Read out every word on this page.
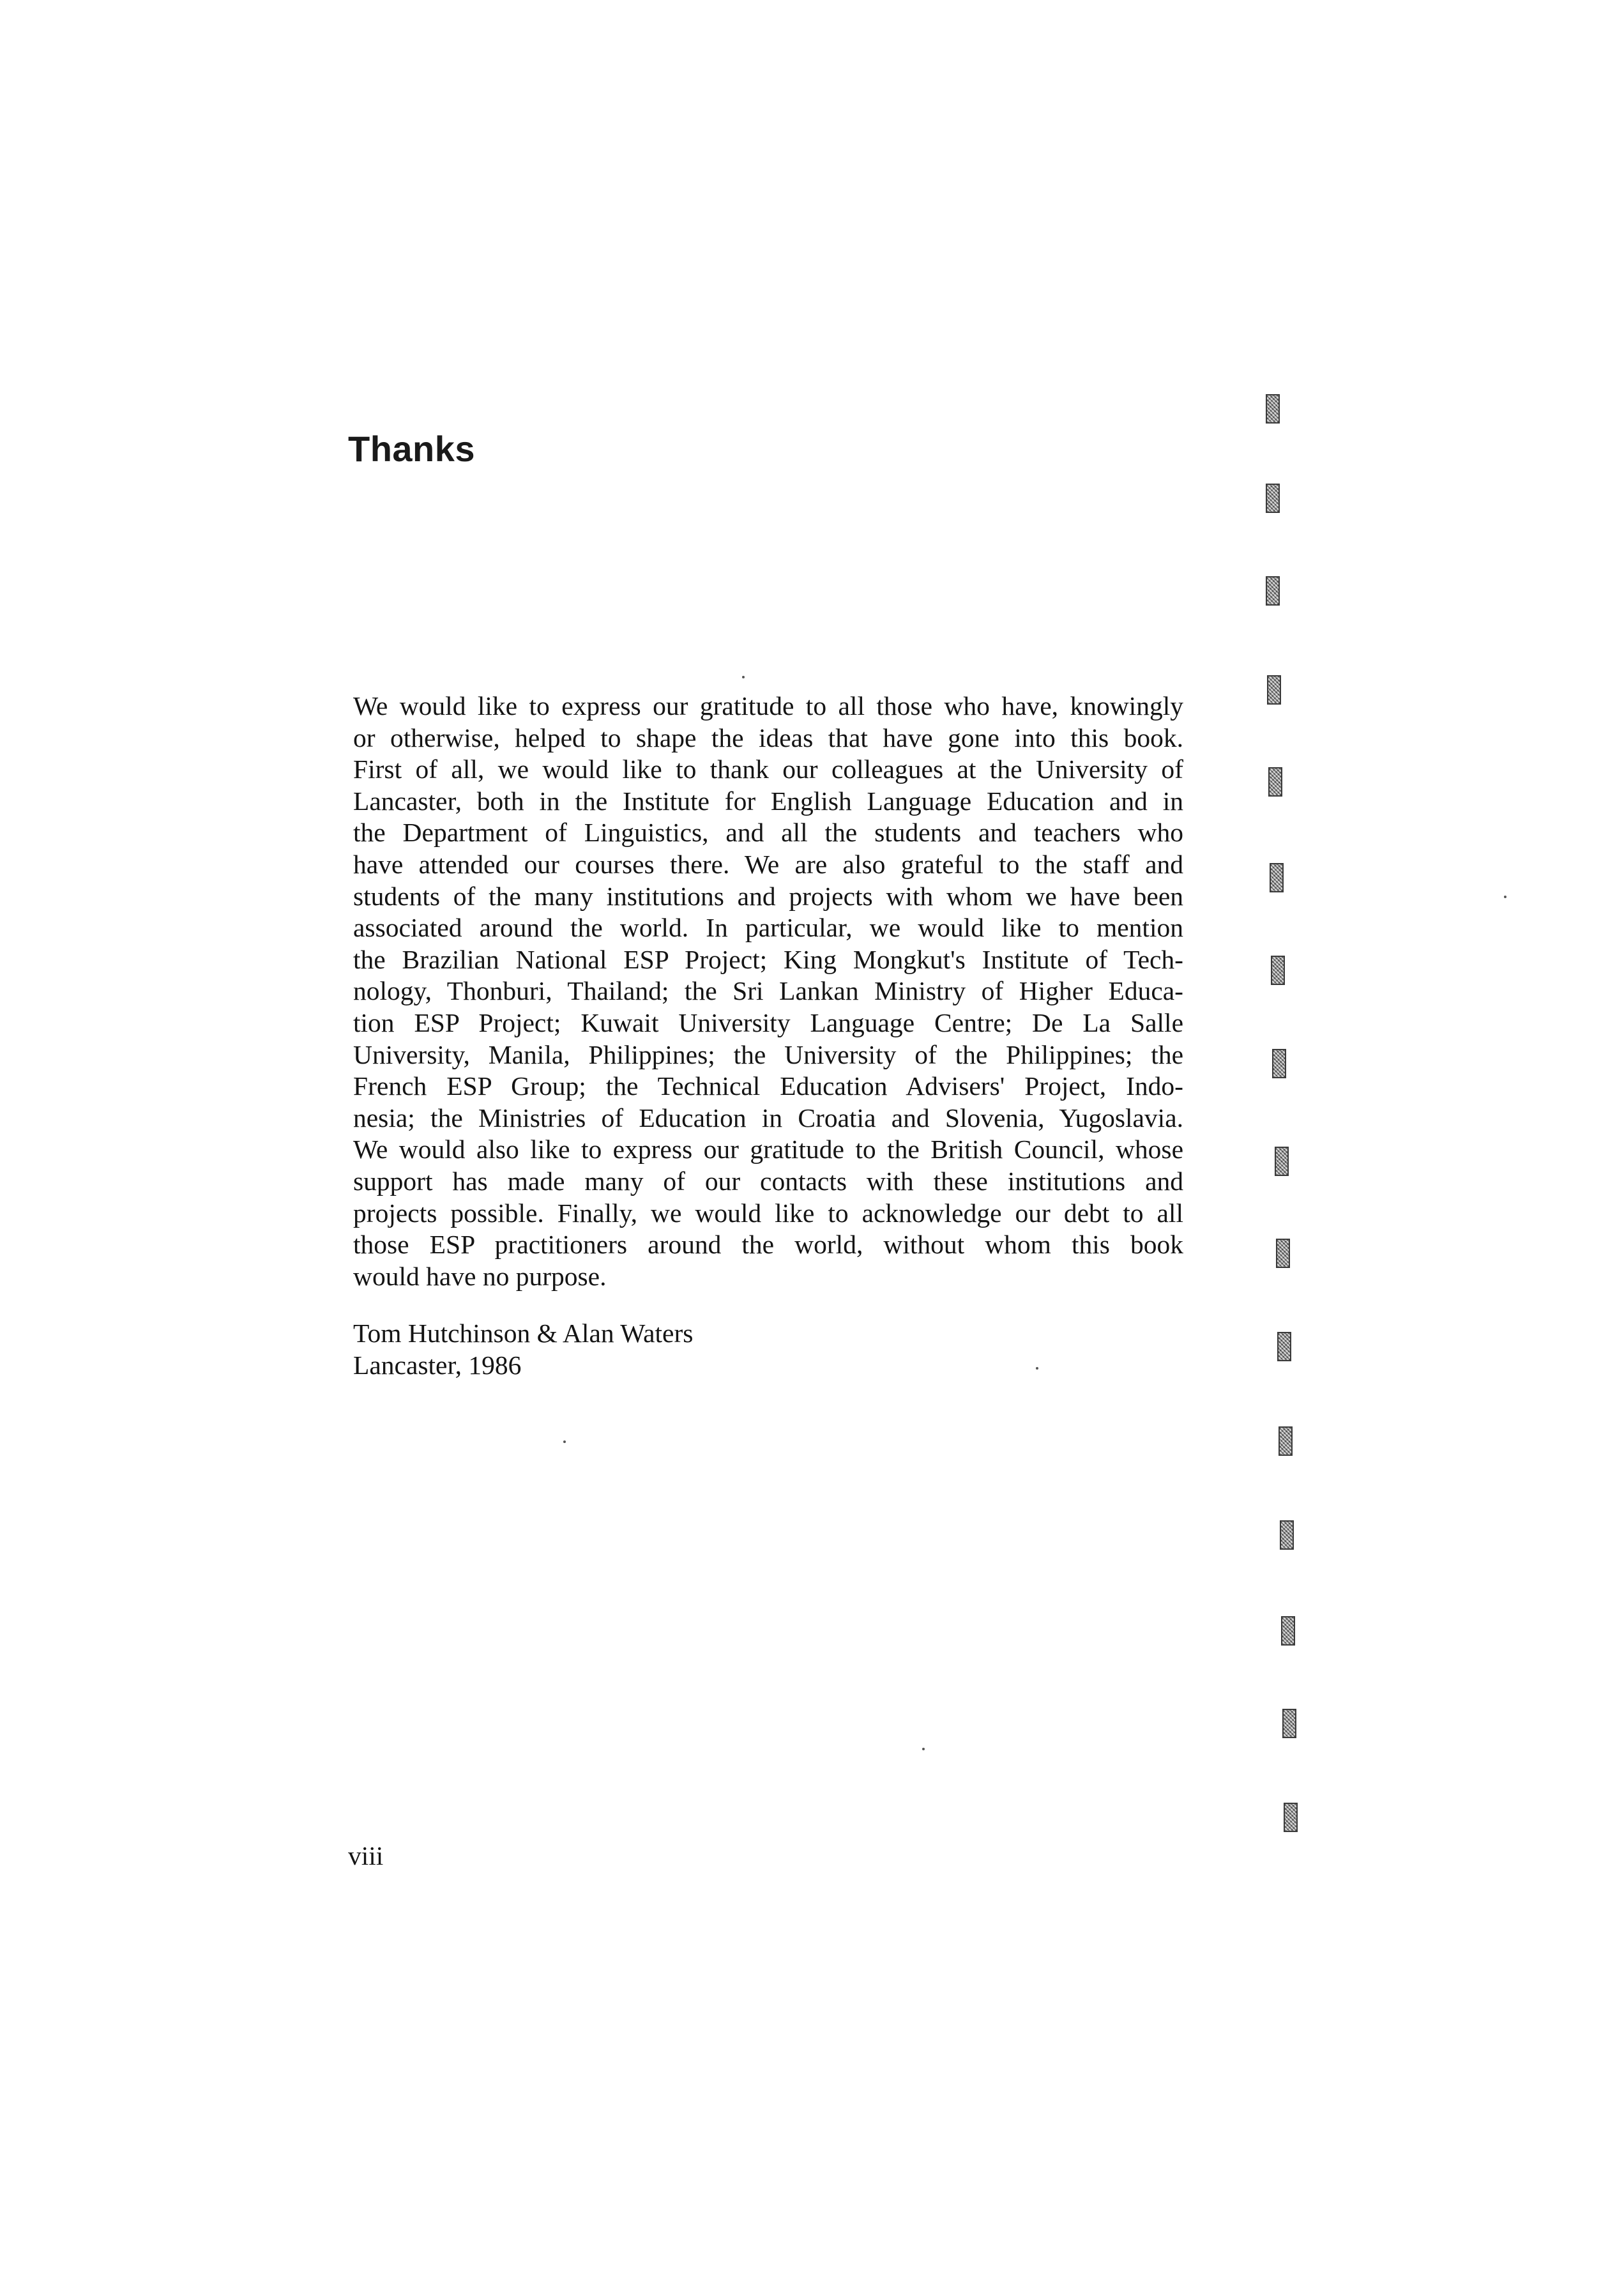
Thanks
We would like to express our gratitude to all those who have, knowingly
or otherwise, helped to shape the ideas that have gone into this book.
First of all, we would like to thank our colleagues at the University of
Lancaster, both in the Institute for English Language Education and in
the Department of Linguistics, and all the students and teachers who
have attended our courses there. We are also grateful to the staff and
students of the many institutions and projects with whom we have been
associated around the world. In particular, we would like to mention
the Brazilian National ESP Project; King Mongkut's Institute of Tech-
nology, Thonburi, Thailand; the Sri Lankan Ministry of Higher Educa-
tion ESP Project; Kuwait University Language Centre; De La Salle
University, Manila, Philippines; the University of the Philippines; the
French ESP Group; the Technical Education Advisers' Project, Indo-
nesia; the Ministries of Education in Croatia and Slovenia, Yugoslavia.
We would also like to express our gratitude to the British Council, whose
support has made many of our contacts with these institutions and
projects possible. Finally, we would like to acknowledge our debt to all
those ESP practitioners around the world, without whom this book
would have no purpose.
Tom Hutchinson & Alan Waters
Lancaster, 1986
viii
